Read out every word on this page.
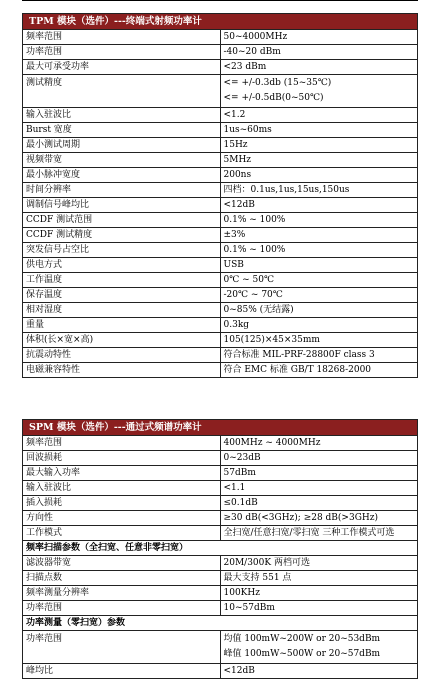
TPM 模块（选件）---终端式射频功率计	
频率范围	50~4000MHz
功率范围	-40~20 dBm
最大可承受功率	<23 dBm
测试精度	<= +/-0.3db (15~35℃)
<= +/-0.5dB(0~50℃)

输入驻波比	<1.2
Burst 宽度	1us~60ms
最小测试周期	15Hz
视频带宽	5MHz
最小脉冲宽度	200ns
时间分辨率	四档：0.1us,1us,15us,150us
调制信号峰均比	<12dB
CCDF 测试范围	0.1% ~ 100%
CCDF 测试精度	±3%
突发信号占空比	0.1% ~ 100%
供电方式	USB
工作温度	0℃ ~ 50℃
保存温度	-20℃ ~ 70℃
相对湿度	0~85% (无结露)
重量	0.3kg
体积(长×宽×高)	105(125)×45×35mm
抗震动特性	符合标准 MIL-PRF-28800F class 3
电磁兼容特性	符合 EMC 标准 GB/T 18268-2000
SPM 模块（选件）---通过式频谱功率计	
频率范围	400MHz ~ 4000MHz
回波损耗	0~23dB
最大输入功率	57dBm
输入驻波比	<1.1
插入损耗	≤0.1dB
方向性	≥30 dB(<3GHz); ≥28 dB(>3GHz)
工作模式	全扫宽/任意扫宽/零扫宽 三种工作模式可选
频率扫描参数（全扫宽、任意非零扫宽）	
滤波器带宽	20M/300K 两档可选
扫描点数	最大支持 551 点
频率测量分辨率	100KHz
功率范围	10~57dBm
功率测量（零扫宽）参数	
功率范围	均值 100mW~200W or 20~53dBm
峰值 100mW~500W or 20~57dBm

峰均比	<12dB
